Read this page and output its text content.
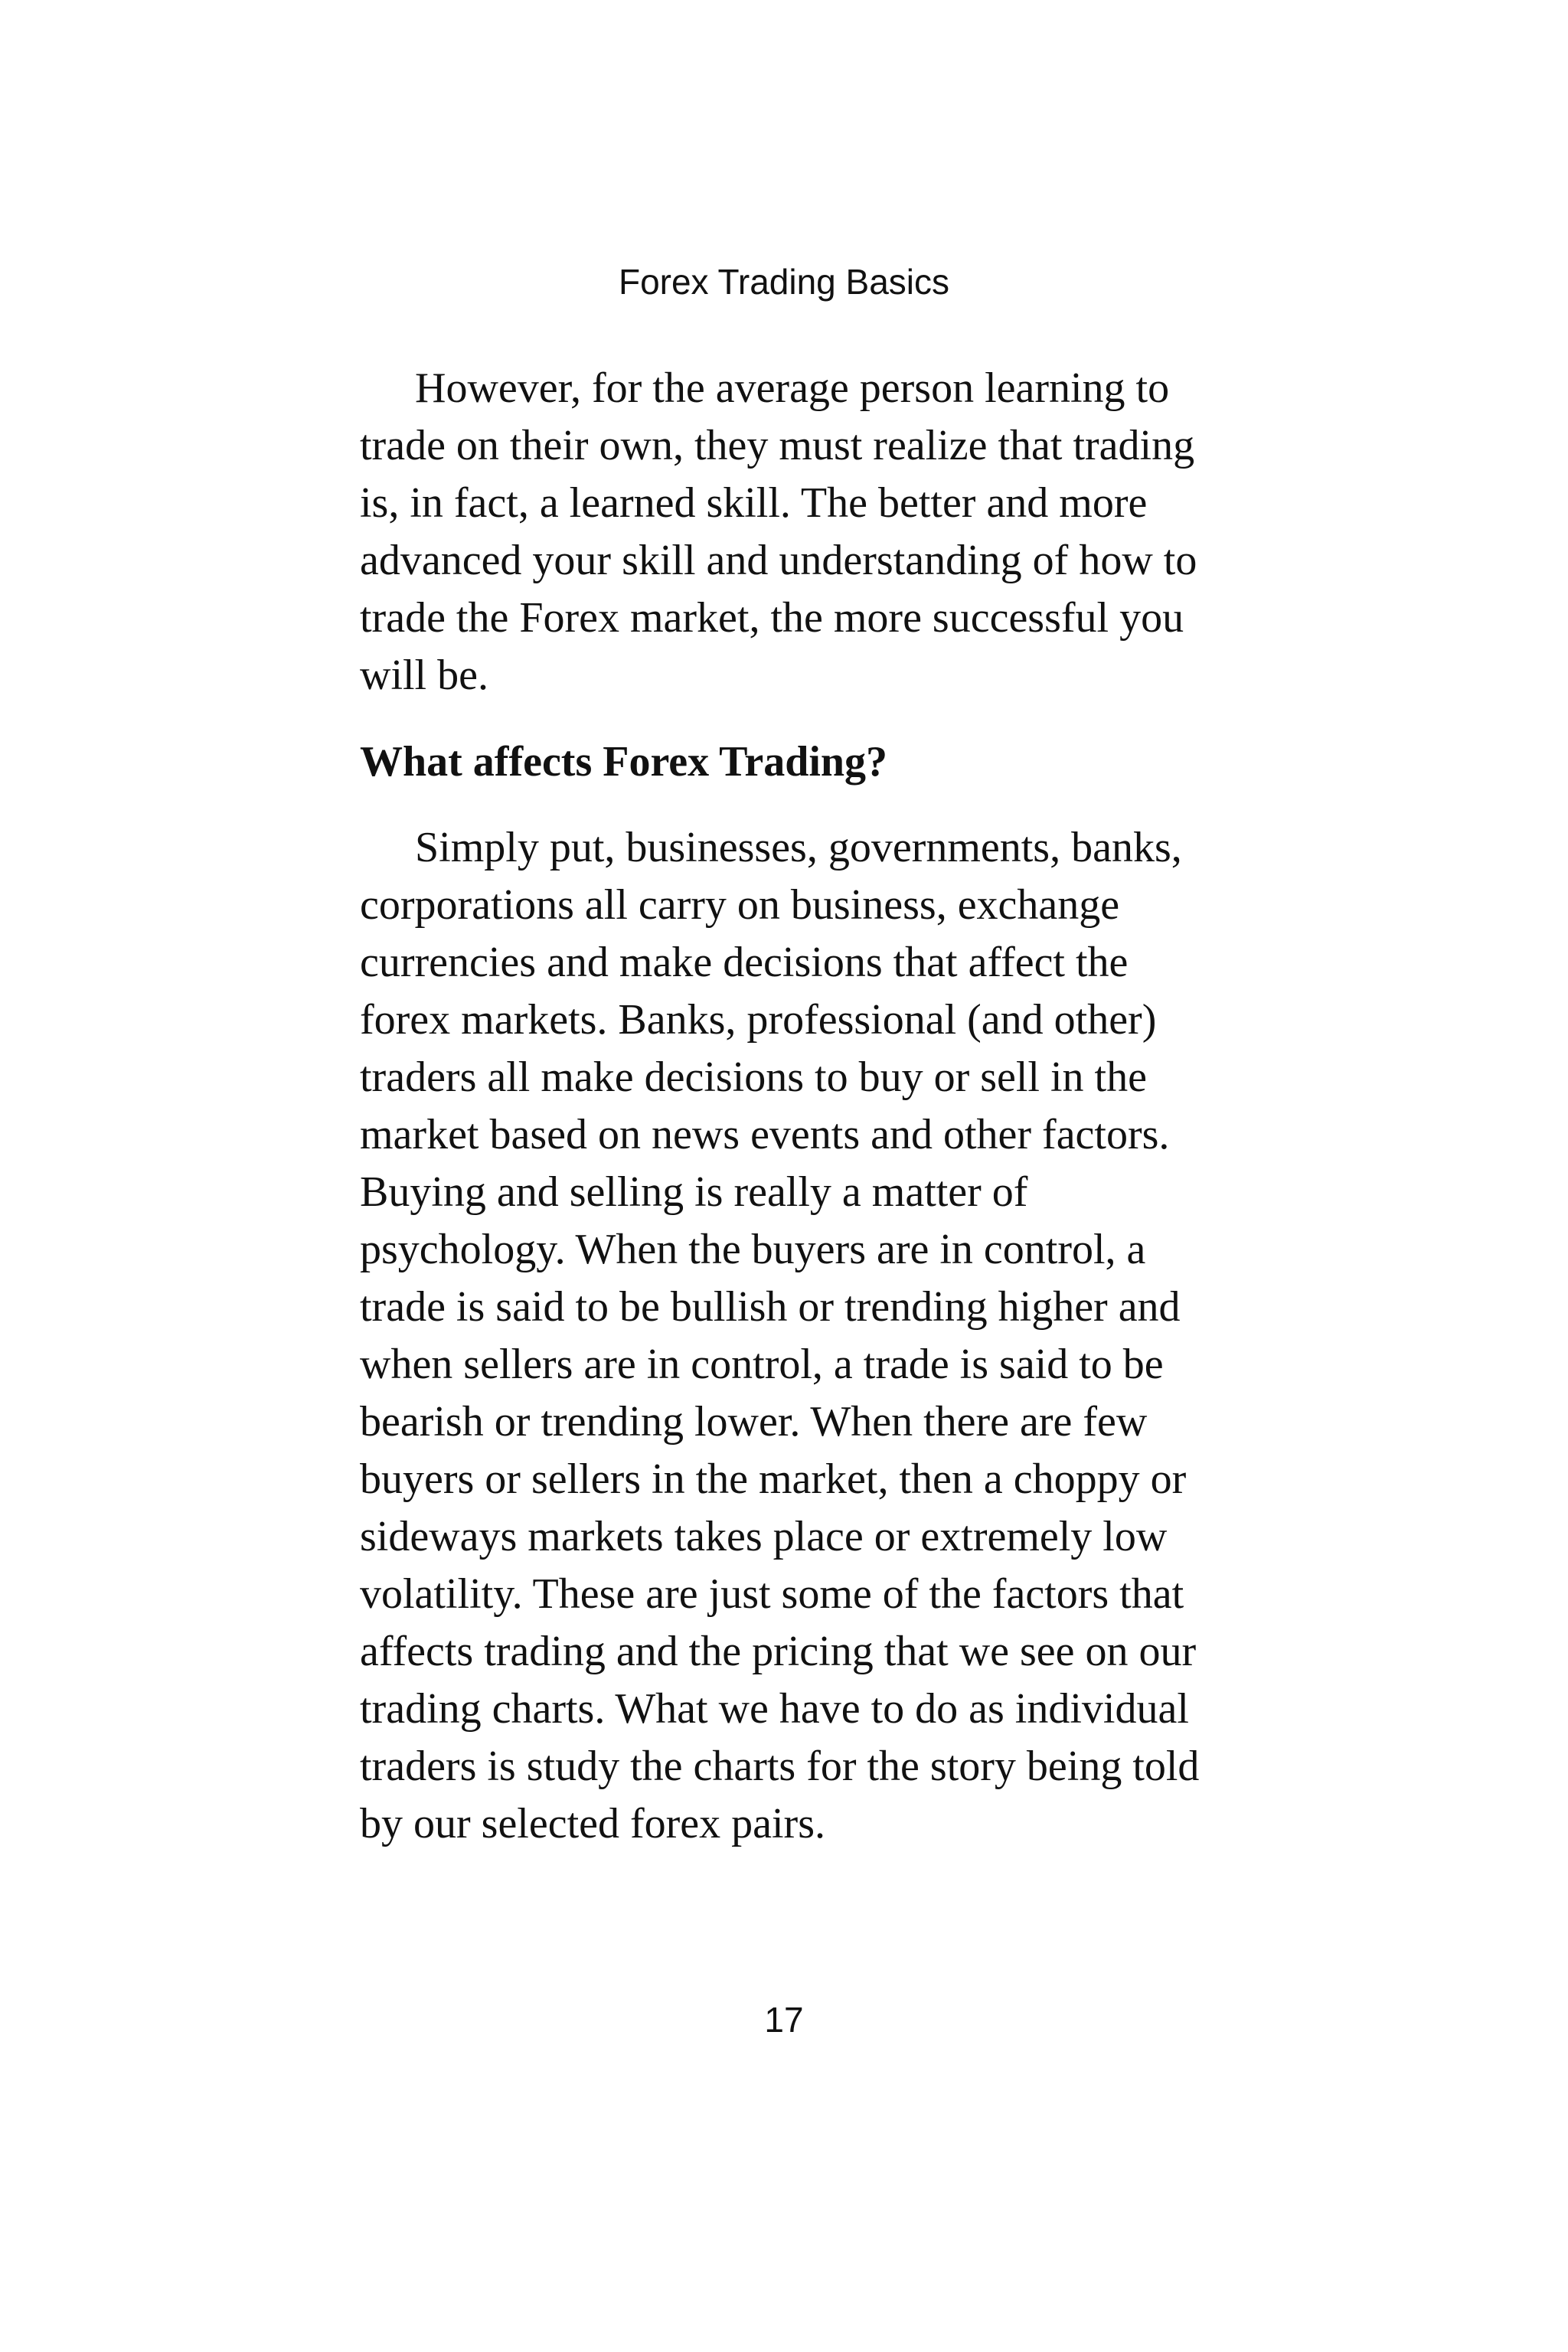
Forex Trading Basics

However, for the average person learning to trade on their own, they must realize that trading is, in fact, a learned skill. The better and more advanced your skill and understanding of how to trade the Forex market, the more successful you will be.

What affects Forex Trading?

Simply put, businesses, governments, banks, corporations all carry on business, exchange currencies and make decisions that affect the forex markets. Banks, professional (and other) traders all make decisions to buy or sell in the market based on news events and other factors. Buying and selling is really a matter of psychology. When the buyers are in control, a trade is said to be bullish or trending higher and when sellers are in control, a trade is said to be bearish or trending lower. When there are few buyers or sellers in the market, then a choppy or sideways markets takes place or extremely low volatility. These are just some of the factors that affects trading and the pricing that we see on our trading charts. What we have to do as individual traders is study the charts for the story being told by our selected forex pairs.

17
